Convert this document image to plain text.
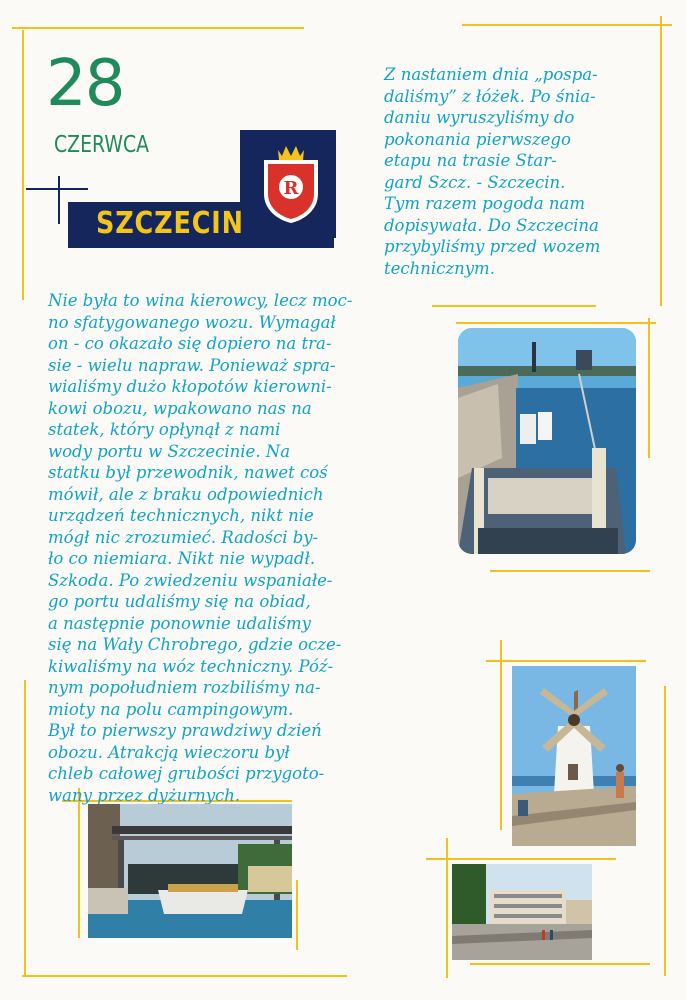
28
CZERWCA
SZCZECIN
R
Z nastaniem dnia „pospa-
daliśmy” z łóżek. Po śnia-
daniu wyruszyliśmy do
pokonania pierwszego
etapu na trasie Star-
gard Szcz. - Szczecin.
Tym razem pogoda nam
dopisywała. Do Szczecina
przybyliśmy przed wozem
technicznym.
Nie była to wina kierowcy, lecz moc-
no sfatygowanego wozu. Wymagał
on - co okazało się dopiero na tra-
sie - wielu napraw. Ponieważ spra-
wialiśmy dużo kłopotów kierowni-
kowi obozu, wpakowano nas na
statek, który opłynął z nami
wody portu w Szczecinie. Na
statku był przewodnik, nawet coś
mówił, ale z braku odpowiednich
urządzeń technicznych, nikt nie
mógł nic zrozumieć. Radości by-
ło co niemiara. Nikt nie wypadł.
Szkoda. Po zwiedzeniu wspaniałe-
go portu udaliśmy się na obiad,
a następnie ponownie udaliśmy
się na Wały Chrobrego, gdzie ocze-
kiwaliśmy na wóz techniczny. Póź-
nym popołudniem rozbiliśmy na-
mioty na polu campingowym.
Był to pierwszy prawdziwy dzień
obozu. Atrakcją wieczoru był
chleb całowej grubości przygoto-
wany przez dyżurnych.
